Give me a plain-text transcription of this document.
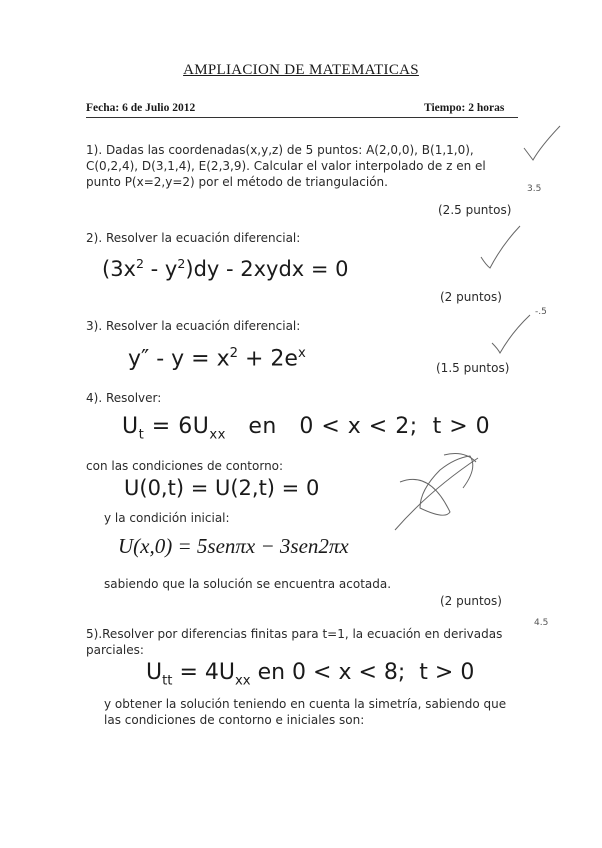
AMPLIACION DE MATEMATICAS
Fecha: 6 de Julio 2012	Tiempo: 2 horas
1). Dadas las coordenadas(x,y,z) de 5 puntos: A(2,0,0), B(1,1,0),
C(0,2,4), D(3,1,4), E(2,3,9). Calcular el valor interpolado de z en el
punto P(x=2,y=2) por el método de triangulación.
(2.5 puntos)
2). Resolver la ecuación diferencial:
$(3x^2 - y^2)dy$ - 2xydx = 0
(2 puntos)
3). Resolver la ecuación diferencial:
$y'' - y = x^2 + 2e^x$
(1.5 puntos)
4). Resolver:
$U_t = 6U_{xx}$   en   0 < x < 2;  t > 0
con las condiciones de contorno:
U(0,t) = U(2,t) = 0
y la condición inicial:
U(x,0) = 5senπx − 3sen2πx
sabiendo que la solución se encuentra acotada.
(2 puntos)
5).Resolver por diferencias finitas para t=1, la ecuación en derivadas
parciales:
$U_{tt} = 4U_{xx}$ en 0 < x < 8;  t > 0
y obtener la solución teniendo en cuenta la simetría, sabiendo que
las condiciones de contorno e iniciales son:
3.5
-.5
4.5
